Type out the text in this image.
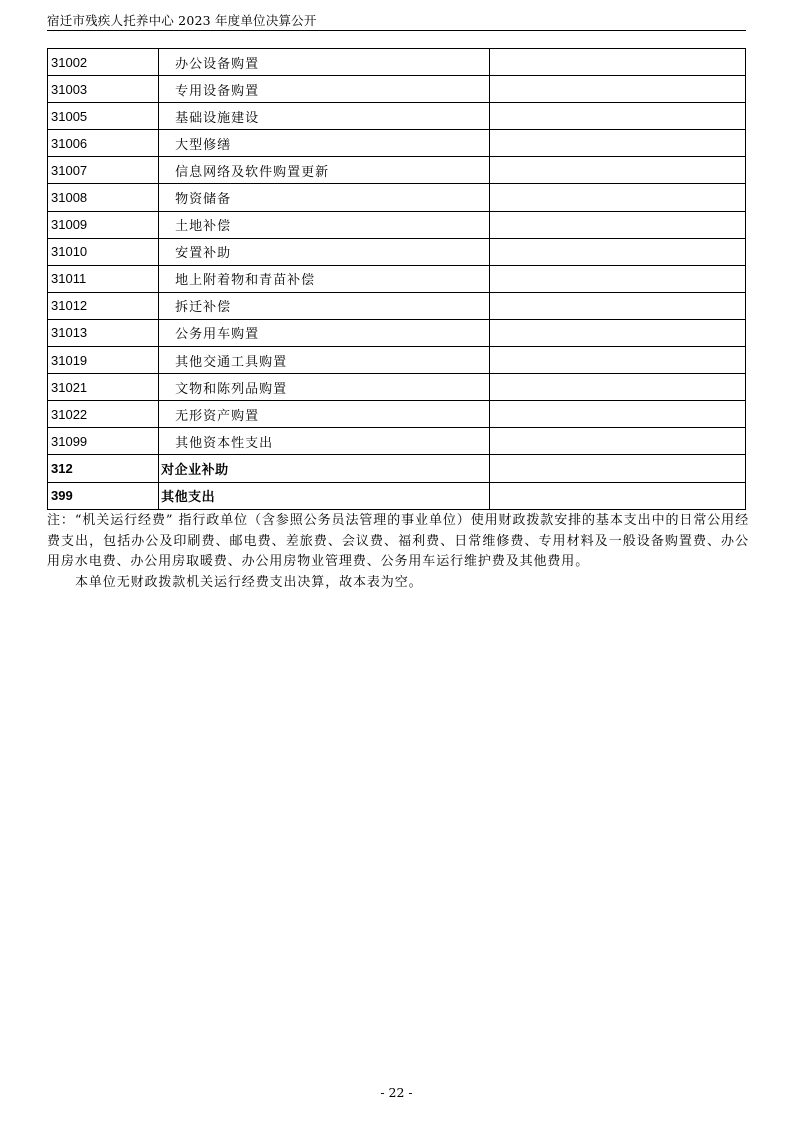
宿迁市残疾人托养中心 2023 年度单位决算公开
31002	办公设备购置	
31003	专用设备购置	
31005	基础设施建设	
31006	大型修缮	
31007	信息网络及软件购置更新	
31008	物资储备	
31009	土地补偿	
31010	安置补助	
31011	地上附着物和青苗补偿	
31012	拆迁补偿	
31013	公务用车购置	
31019	其他交通工具购置	
31021	文物和陈列品购置	
31022	无形资产购置	
31099	其他资本性支出	
312	对企业补助	
399	其他支出	
注：“机关运行经费” 指行政单位（含参照公务员法管理的事业单位）使用财政拨款安排的基本支出中的日常公用经费支出，包括办公及印刷费、邮电费、差旅费、会议费、福利费、日常维修费、专用材料及一般设备购置费、办公用房水电费、办公用房取暖费、办公用房物业管理费、公务用车运行维护费及其他费用。
本单位无财政拨款机关运行经费支出决算，故本表为空。
- 22 -
